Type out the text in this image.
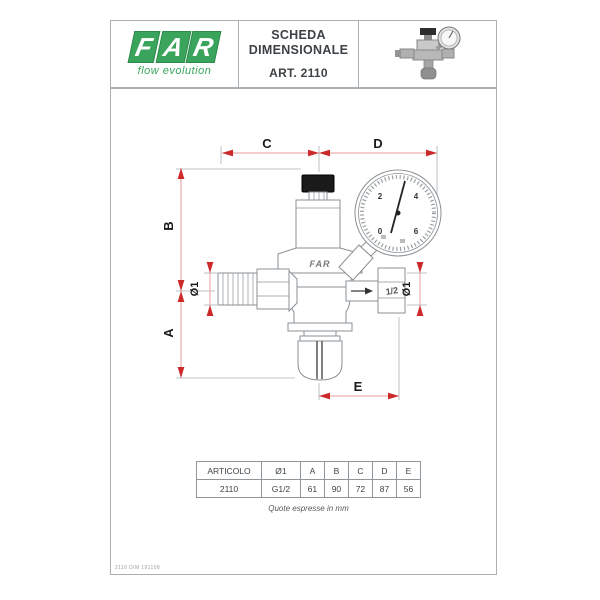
F A R
flow evolution
SCHEDA
DIMENSIONALE
ART. 2110
0
2	4
6
FAR
1/2
C	D
B
A
E
Ø1	Ø1
ARTICOLO	Ø1	A	B	C	D	E
2110	G1/2	61	90	72	87	56
Quote espresse in mm
2110 DIM 191108
